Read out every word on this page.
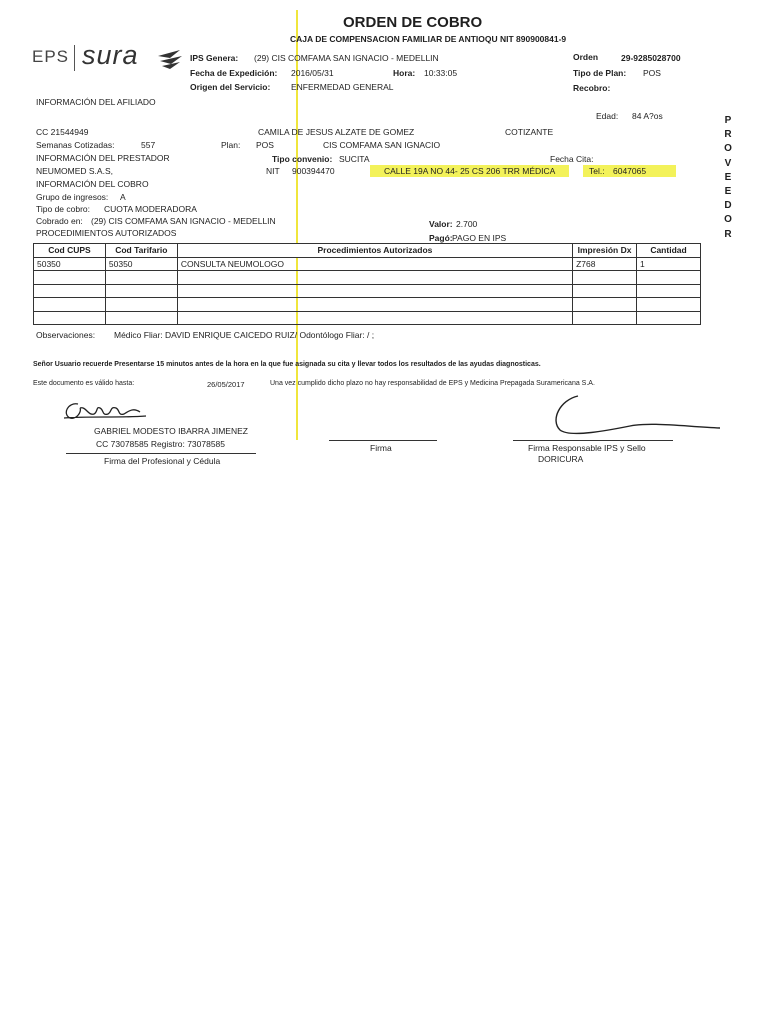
EPS sura
ORDEN DE COBRO
CAJA DE COMPENSACION FAMILIAR DE ANTIOQU NIT 890900841-9
IPS Genera: (29) CIS COMFAMA SAN IGNACIO - MEDELLIN
Fecha de Expedición: 2016/05/31	Hora: 10:33:05
Origen del Servicio: ENFERMEDAD GENERAL
Orden	29-9285028700
Tipo de Plan: POS
Recobro:
P
R
O
V
E
E
D
O
R
INFORMACIÓN DEL AFILIADO
Edad: 84 A?os
CC 21544949	CAMILA DE JESUS ALZATE DE GOMEZ	COTIZANTE
Semanas Cotizadas:	557	Plan: POS	CIS COMFAMA SAN IGNACIO
INFORMACIÓN DEL PRESTADOR	Tipo convenio: SUCITA	Fecha Cita:
NEUMOMED S.A.S,	NIT 900394470	CALLE 19A NO 44- 25 CS 206 TRR MÉDICA	Tel.: 6047065
INFORMACIÓN DEL COBRO
Grupo de ingresos: A
Tipo de cobro: CUOTA MODERADORA
Cobrado en: (29) CIS COMFAMA SAN IGNACIO - MEDELLIN	Valor: 2.700
PROCEDIMIENTOS AUTORIZADOS	Pagó: PAGO EN IPS
Cod CUPS	Cod Tarifario	Procedimientos Autorizados	Impresión Dx	Cantidad
50350	50350	CONSULTA NEUMOLOGO	Z768	1

Observaciones: Médico Fliar: DAVID ENRIQUE CAICEDO RUIZ/ Odontólogo Fliar: / ;
Señor Usuario recuerde Presentarse 15 minutos antes de la hora en la que fue asignada su cita y llevar todos los resultados de las ayudas diagnosticas.
Este documento es válido hasta:	26/05/2017	Una vez cumplido dicho plazo no hay responsabilidad de EPS y Medicina Prepagada Suramericana S.A.
GABRIEL MODESTO IBARRA JIMENEZ
CC 73078585 Registro: 73078585
Firma del Profesional y Cédula
Firma	Firma Responsable IPS y Sello
DORICURA
